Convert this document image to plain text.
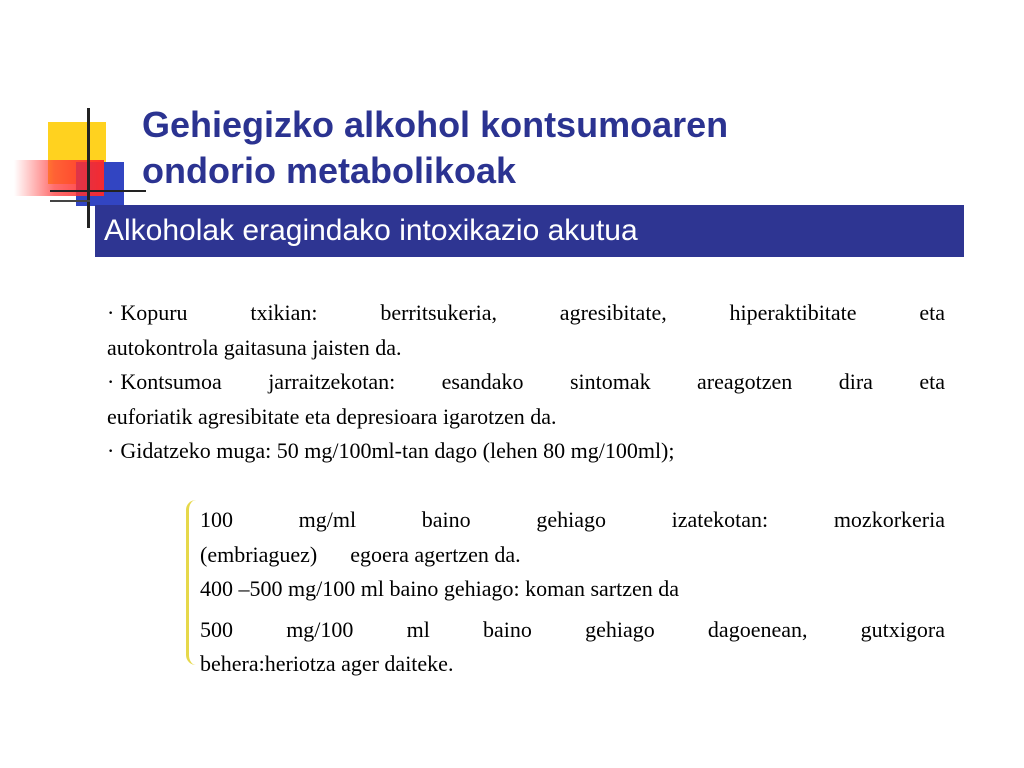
Gehiegizko alkohol kontsumoaren
ondorio metabolikoak
Alkoholak eragindako intoxikazio akutua
· Kopuru txikian: berritsukeria, agresibitate, hiperaktibitate eta
autokontrola gaitasuna jaisten da.
· Kontsumoa jarraitzekotan: esandako sintomak areagotzen dira eta
euforiatik agresibitate eta depresioara igarotzen da.
· Gidatzeko muga: 50 mg/100ml-tan dago (lehen 80 mg/100ml);
100 mg/ml baino gehiago izatekotan: mozkorkeria
(embriaguez)      egoera agertzen da.
400 –500 mg/100 ml baino gehiago: koman sartzen da
500 mg/100 ml baino gehiago dagoenean, gutxigora
behera:heriotza ager daiteke.
